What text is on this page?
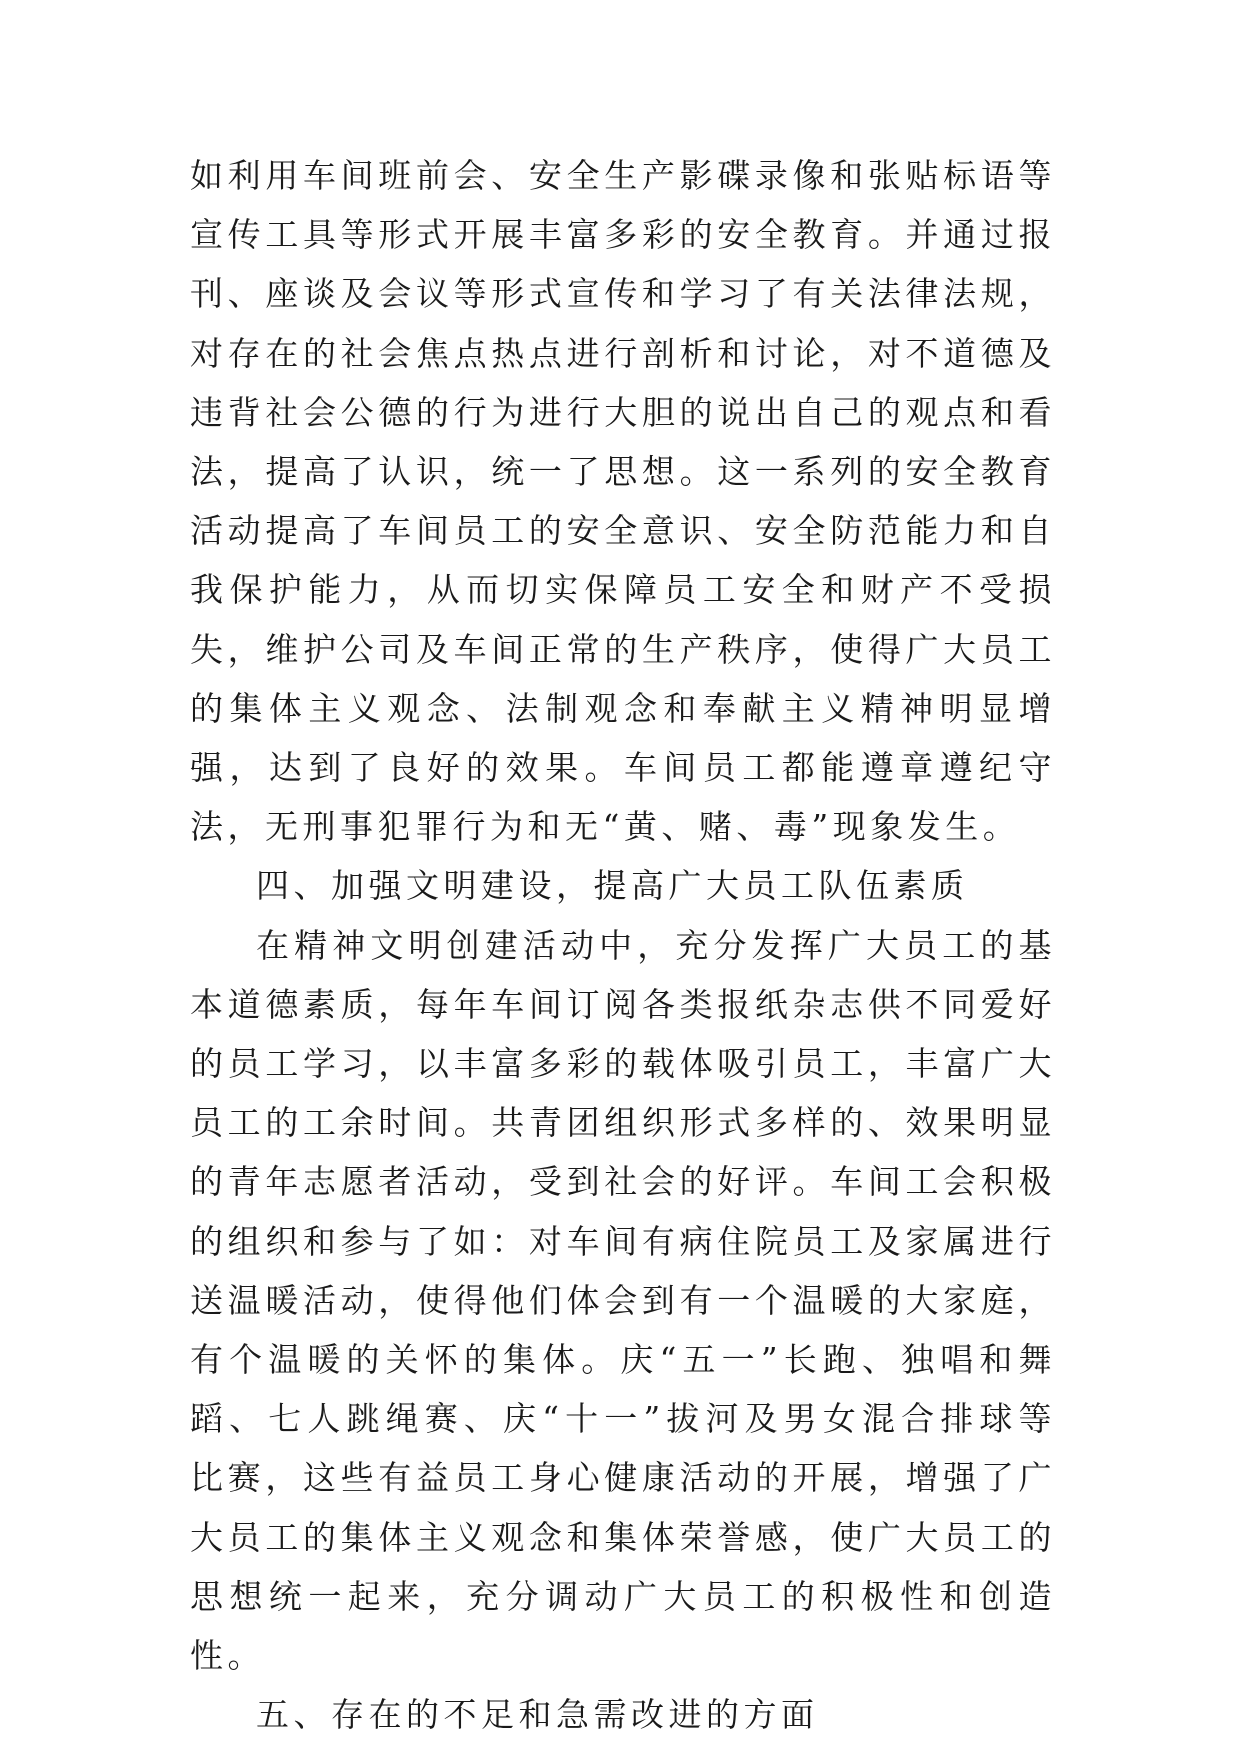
如利用车间班前会、安全生产影碟录像和张贴标语等宣传工具等形式开展丰富多彩的安全教育。并通过报刊、座谈及会议等形式宣传和学习了有关法律法规，对存在的社会焦点热点进行剖析和讨论，对不道德及违背社会公德的行为进行大胆的说出自己的观点和看法，提高了认识，统一了思想。这一系列的安全教育活动提高了车间员工的安全意识、安全防范能力和自我保护能力，从而切实保障员工安全和财产不受损失，维护公司及车间正常的生产秩序，使得广大员工的集体主义观念、法制观念和奉献主义精神明显增强，达到了良好的效果。车间员工都能遵章遵纪守法，无刑事犯罪行为和无“黄、赌、毒”现象发生。

四、加强文明建设，提高广大员工队伍素质

在精神文明创建活动中，充分发挥广大员工的基本道德素质，每年车间订阅各类报纸杂志供不同爱好的员工学习，以丰富多彩的载体吸引员工，丰富广大员工的工余时间。共青团组织形式多样的、效果明显的青年志愿者活动，受到社会的好评。车间工会积极的组织和参与了如：对车间有病住院员工及家属进行送温暖活动，使得他们体会到有一个温暖的大家庭，有个温暖的关怀的集体。庆“五一”长跑、独唱和舞蹈、七人跳绳赛、庆“十一”拔河及男女混合排球等比赛，这些有益员工身心健康活动的开展，增强了广大员工的集体主义观念和集体荣誉感，使广大员工的思想统一起来，充分调动广大员工的积极性和创造性。

五、存在的不足和急需改进的方面
